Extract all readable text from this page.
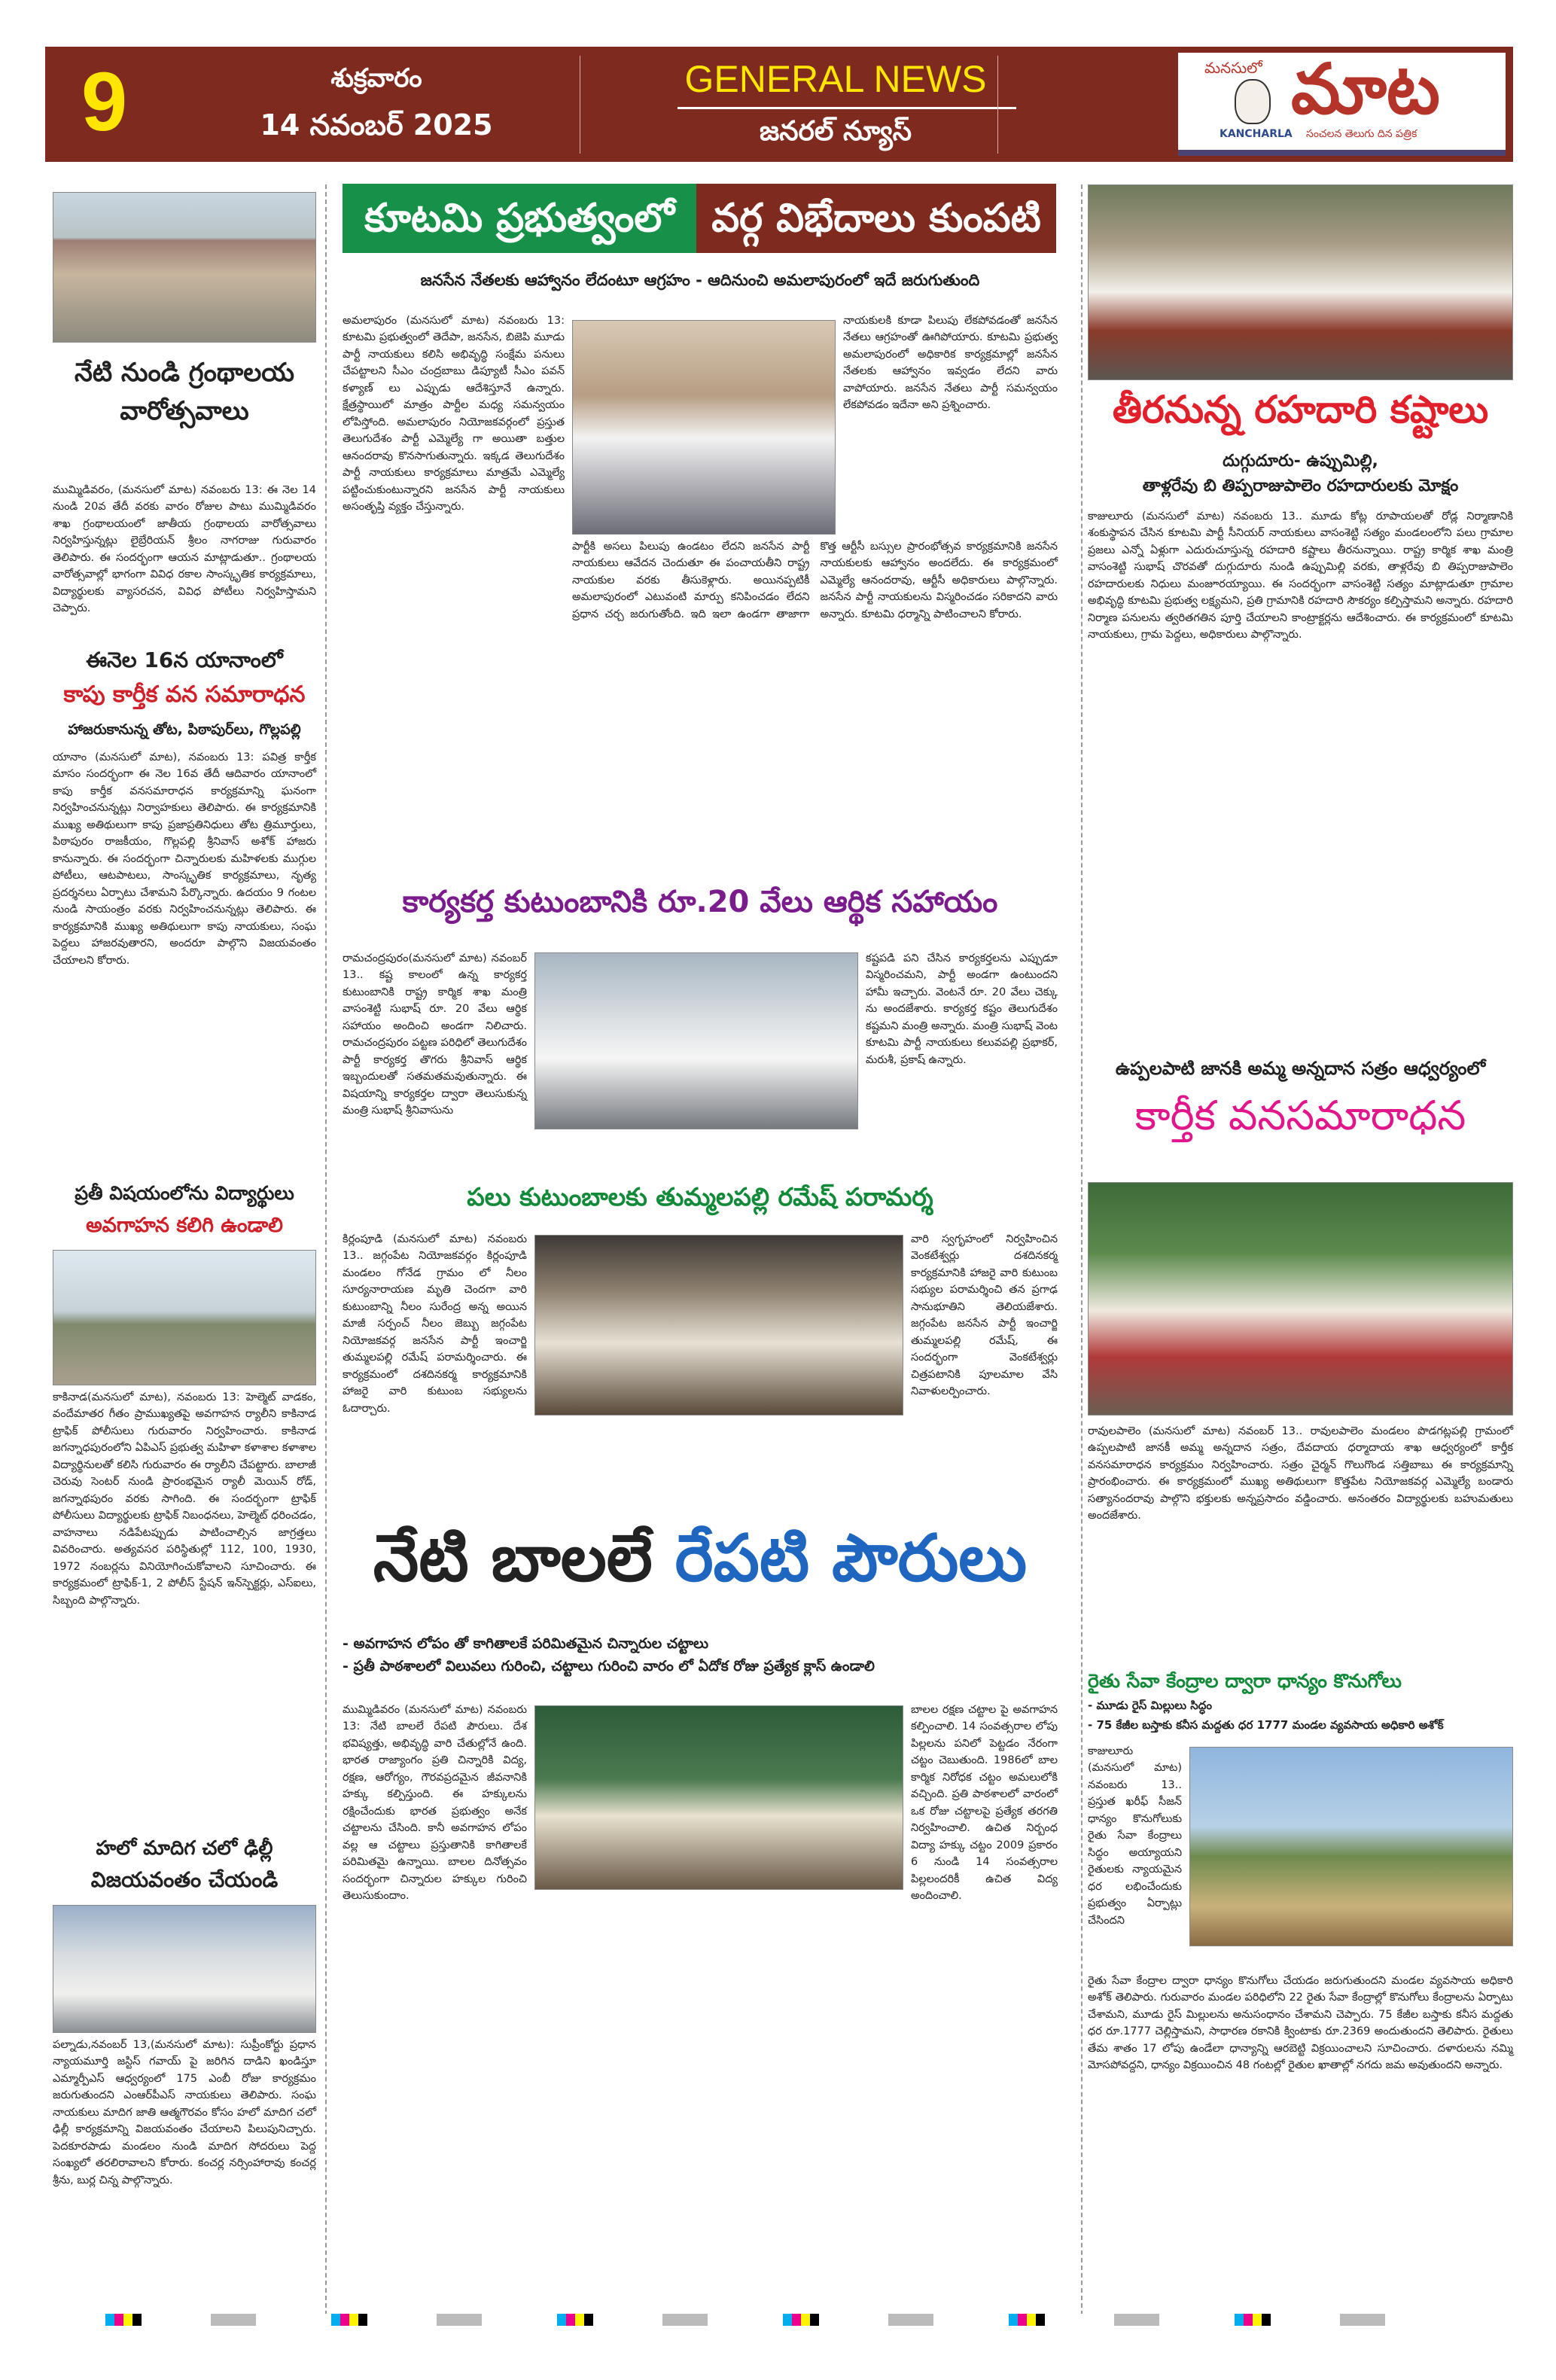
9	శుక్రవారం
14 నవంబర్ 2025
GENERAL NEWS
జనరల్ న్యూస్
మనసులో మాట
KANCHARLA సంచలన తెలుగు దిన పత్రిక
నేటి నుండి గ్రంథాలయ వారోత్సవాలు
ముమ్మిడివరం, (మనసులో మాట) నవంబరు 13: ఈ నెల 14 నుండి 20వ తేదీ వరకు వారం రోజుల పాటు ముమ్మిడివరం శాఖ గ్రంథాలయంలో జాతీయ గ్రంథాలయ వారోత్సవాలు నిర్వహిస్తున్నట్లు లైబ్రేరియన్ శ్రీలం నాగరాజు గురువారం తెలిపారు. ఈ సందర్భంగా ఆయన మాట్లాడుతూ.. గ్రంథాలయ వారోత్సవాల్లో భాగంగా వివిధ రకాల సాంస్కృతిక కార్యక్రమాలు, విద్యార్థులకు వ్యాసరచన, వివిధ పోటీలు నిర్వహిస్తామని చెప్పారు.
ఈనెల 16న యానాంలో
కాపు కార్తీక వన సమారాధన
హాజరుకానున్న తోట, పిఠాపుర్‌లు, గొల్లపల్లి
యానాం (మనసులో మాట), నవంబరు 13: పవిత్ర కార్తీక మాసం సందర్భంగా ఈ నెల 16వ తేదీ ఆదివారం యానాంలో కాపు కార్తీక వనసమారాధన కార్యక్రమాన్ని ఘనంగా నిర్వహించనున్నట్లు నిర్వాహకులు తెలిపారు. ఈ కార్యక్రమానికి ముఖ్య అతిథులుగా కాపు ప్రజాప్రతినిధులు తోట త్రిమూర్తులు, పిఠాపురం రాజకీయం, గొల్లపల్లి శ్రీనివాస్ అశోక్ హాజరు కానున్నారు. ఈ సందర్భంగా చిన్నారులకు మహిళలకు ముగ్గుల పోటీలు, ఆటపాటలు, సాంస్కృతిక కార్యక్రమాలు, నృత్య ప్రదర్శనలు ఏర్పాటు చేశామని పేర్కొన్నారు. ఉదయం 9 గంటల నుండి సాయంత్రం వరకు నిర్వహించనున్నట్లు తెలిపారు. ఈ కార్యక్రమానికి ముఖ్య అతిథులుగా కాపు నాయకులు, సంఘ పెద్దలు హాజరవుతారని, అందరూ పాల్గొని విజయవంతం చేయాలని కోరారు.
ప్రతీ విషయంలోను విద్యార్థులు
అవగాహన కలిగి ఉండాలి
కాకినాడ(మనసులో మాట), నవంబరు 13: హెల్మెట్ వాడకం, వందేమాతర గీతం ప్రాముఖ్యతపై అవగాహన ర్యాలీని కాకినాడ ట్రాఫిక్ పోలీసులు గురువారం నిర్వహించారు. కాకినాడ జగన్నాధపురంలోని ఏపిఎస్ ప్రభుత్వ మహిళా కళాశాల కళాశాల విద్యార్థినులతో కలిసి గురువారం ఈ ర్యాలీని చేపట్టారు. బాలాజీ చెరువు సెంటర్ నుండి ప్రారంభమైన ర్యాలీ మెయిన్ రోడ్, జగన్నాథపురం వరకు సాగింది. ఈ సందర్భంగా ట్రాఫిక్ పోలీసులు విద్యార్థులకు ట్రాఫిక్ నిబంధనలు, హెల్మెట్ ధరించడం, వాహనాలు నడిపేటప్పుడు పాటించాల్సిన జాగ్రత్తలు వివరించారు. అత్యవసర పరిస్థితుల్లో 112, 100, 1930, 1972 నంబర్లను వినియోగించుకోవాలని సూచించారు. ఈ కార్యక్రమంలో ట్రాఫిక్-1, 2 పోలీస్ స్టేషన్ ఇన్‌స్పెక్టర్లు, ఎస్ఐలు, సిబ్బంది పాల్గొన్నారు.
హలో మాదిగ చలో ఢిల్లీ
విజయవంతం చేయండి
పల్నాడు,నవంబర్ 13,(మనసులో మాట): సుప్రీంకోర్టు ప్రధాన న్యాయమూర్తి జస్టిస్ గవాయ్ పై జరిగిన దాడిని ఖండిస్తూ ఎమ్మార్పీఎస్ ఆధ్వర్యంలో 175 ఎంబీ రోజు కార్యక్రమం జరుగుతుందని ఎంఆర్‌పీఎస్ నాయకులు తెలిపారు. సంఘ నాయకులు మాదిగ జాతి ఆత్మగౌరవం కోసం హలో మాదిగ చలో ఢిల్లీ కార్యక్రమాన్ని విజయవంతం చేయాలని పిలుపునిచ్చారు. పెదకూరపాడు మండలం నుండి మాదిగ సోదరులు పెద్ద సంఖ్యలో తరలిరావాలని కోరారు. కంచర్ల నర్సింహారావు కంచర్ల శ్రీను, బుర్ల చిన్న పాల్గొన్నారు.
కూటమి ప్రభుత్వంలో వర్గ విభేదాలు కుంపటి
జనసేన నేతలకు ఆహ్వానం లేదంటూ ఆగ్రహం - ఆదినుంచి అమలాపురంలో ఇదే జరుగుతుంది
అమలాపురం (మనసులో మాట) నవంబరు 13: కూటమి ప్రభుత్వంలో తెదేపా, జనసేన, బిజెపి మూడు పార్టీ నాయకులు కలిసి అభివృద్ధి సంక్షేమ పనులు చేపట్టాలని సీఎం చంద్రబాబు డిప్యూటీ సీఎం పవన్ కళ్యాణ్ లు ఎప్పుడు ఆదేశిస్తూనే ఉన్నారు. క్షేత్రస్థాయిలో మాత్రం పార్టీల మధ్య సమన్వయం లోపిస్తోంది. అమలాపురం నియోజకవర్గంలో ప్రస్తుత తెలుగుదేశం పార్టీ ఎమ్మెల్యే గా అయితా బత్తుల ఆనందరావు కొనసాగుతున్నారు. ఇక్కడ తెలుగుదేశం పార్టీ నాయకులు కార్యక్రమాలు మాత్రమే ఎమ్మెల్యే పట్టించుకుంటున్నారని జనసేన పార్టీ నాయకులు అసంతృప్తి వ్యక్తం చేస్తున్నారు.
నాయకులకి కూడా పిలుపు లేకపోవడంతో జనసేన నేతలు ఆగ్రహంతో ఊగిపోయారు. కూటమి ప్రభుత్వ అమలాపురంలో అధికారిక కార్యక్రమాల్లో జనసేన నేతలకు ఆహ్వానం ఇవ్వడం లేదని వారు వాపోయారు. జనసేన నేతలు పార్టీ సమన్వయం లేకపోవడం ఇదేనా అని ప్రశ్నించారు.
పార్టీకి అసలు పిలుపు ఉండటం లేదని జనసేన పార్టీ నాయకులు ఆవేదన చెందుతూ ఈ పంచాయతీని రాష్ట్ర నాయకుల వరకు తీసుకెళ్లారు. అయినప్పటికీ అమలాపురంలో ఎటువంటి మార్పు కనిపించడం లేదని ప్రధాన చర్చ జరుగుతోంది. ఇది ఇలా ఉండగా తాజాగా కొత్త ఆర్టీసీ బస్సుల ప్రారంభోత్సవ కార్యక్రమానికి జనసేన నాయకులకు ఆహ్వానం అందలేదు. ఈ కార్యక్రమంలో ఎమ్మెల్యే ఆనందరావు, ఆర్టీసీ అధికారులు పాల్గొన్నారు. జనసేన పార్టీ నాయకులను విస్మరించడం సరికాదని వారు అన్నారు. కూటమి ధర్మాన్ని పాటించాలని కోరారు.
కార్యకర్త కుటుంబానికి రూ.20 వేలు ఆర్థిక సహాయం
రామచంద్రపురం(మనసులో మాట) నవంబర్ 13.. కష్ట కాలంలో ఉన్న కార్యకర్త కుటుంబానికి రాష్ట్ర కార్మిక శాఖ మంత్రి వాసంశెట్టి సుభాష్ రూ. 20 వేలు ఆర్థిక సహాయం అందించి అండగా నిలిచారు. రామచంద్రపురం పట్టణ పరిధిలో తెలుగుదేశం పార్టీ కార్యకర్త తొగరు శ్రీనివాస్ ఆర్థిక ఇబ్బందులతో సతమతమవుతున్నారు. ఈ విషయాన్ని కార్యకర్తల ద్వారా తెలుసుకున్న మంత్రి సుభాష్ శ్రీనివాసును
కష్టపడి పని చేసిన కార్యకర్తలను ఎప్పుడూ విస్మరించమని, పార్టీ అండగా ఉంటుందని హామీ ఇచ్చారు. వెంటనే రూ. 20 వేలు చెక్కు ను అందజేశారు. కార్యకర్త కష్టం తెలుగుదేశం కష్టమని మంత్రి అన్నారు. మంత్రి సుభాష్ వెంట కూటమి పార్టీ నాయకులు కలువపల్లి ప్రభాకర్, మరుశీ, ప్రకాష్ ఉన్నారు.
పలు కుటుంబాలకు తుమ్మలపల్లి రమేష్ పరామర్శ
కిర్లంపూడి (మనసులో మాట) నవంబరు 13.. జగ్గంపేట నియోజకవర్గం కిర్లంపూడి మండలం గోనేడ గ్రామం లో నీలం సూర్యనారాయణ మృతి చెందగా వారి కుటుంబాన్ని నీలం సురేంద్ర అన్న అయిన మాజీ సర్పంచ్ నీలం జెబ్బు జగ్గంపేట నియోజకవర్గ జనసేన పార్టీ ఇంచార్జి తుమ్మలపల్లి రమేష్ పరామర్శించారు. ఈ కార్యక్రమంలో దశదినకర్మ కార్యక్రమానికి హాజరై వారి కుటుంబ సభ్యులను ఓదార్చారు.
వారి స్వగృహంలో నిర్వహించిన వెంకటేశ్వర్లు దశదినకర్మ కార్యక్రమానికి హాజరై వారి కుటుంబ సభ్యుల పరామర్శించి తన ప్రగాఢ సానుభూతిని తెలియజేశారు. జగ్గంపేట జనసేన పార్టీ ఇంచార్జి తుమ్మలపల్లి రమేష్, ఈ సందర్భంగా వెంకటేశ్వర్లు చిత్రపటానికి పూలమాల వేసి నివాళులర్పించారు.
నేటి బాలలే రేపటి పౌరులు
- అవగాహన లోపం తో కాగితాలకే పరిమితమైన చిన్నారుల చట్టాలు
- ప్రతీ పాఠశాలలో విలువలు గురించి, చట్టాలు గురించి వారం లో ఏదోక రోజు ప్రత్యేక క్లాస్ ఉండాలి
ముమ్మిడివరం (మనసులో మాట) నవంబరు 13: నేటి బాలలే రేపటి పౌరులు. దేశ భవిష్యత్తు, అభివృద్ధి వారి చేతుల్లోనే ఉంది. భారత రాజ్యాంగం ప్రతి చిన్నారికి విద్య, రక్షణ, ఆరోగ్యం, గౌరవప్రదమైన జీవనానికి హక్కు కల్పిస్తుంది. ఈ హక్కులను రక్షించేందుకు భారత ప్రభుత్వం అనేక చట్టాలను చేసింది. కానీ అవగాహన లోపం వల్ల ఆ చట్టాలు ప్రస్తుతానికి కాగితాలకే పరిమితమై ఉన్నాయి. బాలల దినోత్సవం సందర్భంగా చిన్నారుల హక్కుల గురించి తెలుసుకుందాం.
బాలల రక్షణ చట్టాల పై అవగాహన కల్పించాలి. 14 సంవత్సరాల లోపు పిల్లలను పనిలో పెట్టడం నేరంగా చట్టం చెబుతుంది. 1986లో బాల కార్మిక నిరోధక చట్టం అమలులోకి వచ్చింది. ప్రతి పాఠశాలలో వారంలో ఒక రోజు చట్టాలపై ప్రత్యేక తరగతి నిర్వహించాలి. ఉచిత నిర్బంధ విద్యా హక్కు చట్టం 2009 ప్రకారం 6 నుండి 14 సంవత్సరాల పిల్లలందరికీ ఉచిత విద్య అందించాలి.
తీరనున్న రహదారి కష్టాలు
దుగ్గుదూరు- ఉప్పుమిల్లి,
తాళ్లరేవు బి తిప్పరాజుపాలెం రహదారులకు మోక్షం
కాజులూరు (మనసులో మాట) నవంబరు 13.. మూడు కోట్ల రూపాయలతో రోడ్ల నిర్మాణానికి శంకుస్థాపన చేసిన కూటమి పార్టీ సీనియర్ నాయకులు వాసంశెట్టి సత్యం మండలంలోని పలు గ్రామాల ప్రజలు ఎన్నో ఏళ్లుగా ఎదురుచూస్తున్న రహదారి కష్టాలు తీరనున్నాయి. రాష్ట్ర కార్మిక శాఖ మంత్రి వాసంశెట్టి సుభాష్ చొరవతో దుగ్గుదూరు నుండి ఉప్పుమిల్లి వరకు, తాళ్లరేవు బి తిప్పరాజుపాలెం రహదారులకు నిధులు మంజూరయ్యాయి. ఈ సందర్భంగా వాసంశెట్టి సత్యం మాట్లాడుతూ గ్రామాల అభివృద్ధి కూటమి ప్రభుత్వ లక్ష్యమని, ప్రతి గ్రామానికి రహదారి సౌకర్యం కల్పిస్తామని అన్నారు. రహదారి నిర్మాణ పనులను త్వరితగతిన పూర్తి చేయాలని కాంట్రాక్టర్లను ఆదేశించారు. ఈ కార్యక్రమంలో కూటమి నాయకులు, గ్రామ పెద్దలు, అధికారులు పాల్గొన్నారు.
ఉప్పలపాటి జానకి అమ్మ అన్నదాన సత్రం ఆధ్వర్యంలో
కార్తీక వనసమారాధన
రావులపాలెం (మనసులో మాట) నవంబర్ 13.. రావులపాలెం మండలం పొడగట్లపల్లి గ్రామంలో ఉప్పలపాటి జానకీ అమ్మ అన్నదాన సత్రం, దేవదాయ ధర్మాదాయ శాఖ ఆధ్వర్యంలో కార్తీక వనసమారాధన కార్యక్రమం నిర్వహించారు. సత్రం చైర్మన్ గొలుగొండ సత్తిబాబు ఈ కార్యక్రమాన్ని ప్రారంభించారు. ఈ కార్యక్రమంలో ముఖ్య అతిథులుగా కొత్తపేట నియోజకవర్గ ఎమ్మెల్యే బండారు సత్యానందరావు పాల్గొని భక్తులకు అన్నప్రసాదం వడ్డించారు. అనంతరం విద్యార్థులకు బహుమతులు అందజేశారు.
రైతు సేవా కేంద్రాల ద్వారా ధాన్యం కొనుగోలు
- మూడు రైస్ మిల్లులు సిద్ధం
- 75 కేజీల బస్తాకు కనీస మద్దతు ధర 1777 మండల వ్యవసాయ అధికారి అశోక్
కాజులూరు (మనసులో మాట) నవంబరు 13.. ప్రస్తుత ఖరీఫ్ సీజన్ ధాన్యం కొనుగోలుకు రైతు సేవా కేంద్రాలు సిద్ధం అయ్యాయని రైతులకు న్యాయమైన ధర లభించేందుకు ప్రభుత్వం ఏర్పాట్లు చేసిందని
రైతు సేవా కేంద్రాల ద్వారా ధాన్యం కొనుగోలు చేయడం జరుగుతుందని మండల వ్యవసాయ అధికారి అశోక్ తెలిపారు. గురువారం మండల పరిధిలోని 22 రైతు సేవా కేంద్రాల్లో కొనుగోలు కేంద్రాలను ఏర్పాటు చేశామని, మూడు రైస్ మిల్లులను అనుసంధానం చేశామని చెప్పారు. 75 కేజీల బస్తాకు కనీస మద్దతు ధర రూ.1777 చెల్లిస్తామని, సాధారణ రకానికి క్వింటాకు రూ.2369 అందుతుందని తెలిపారు. రైతులు తేమ శాతం 17 లోపు ఉండేలా ధాన్యాన్ని ఆరబెట్టి విక్రయించాలని సూచించారు. దళారులను నమ్మి మోసపోవద్దని, ధాన్యం విక్రయించిన 48 గంటల్లో రైతుల ఖాతాల్లో నగదు జమ అవుతుందని అన్నారు.
